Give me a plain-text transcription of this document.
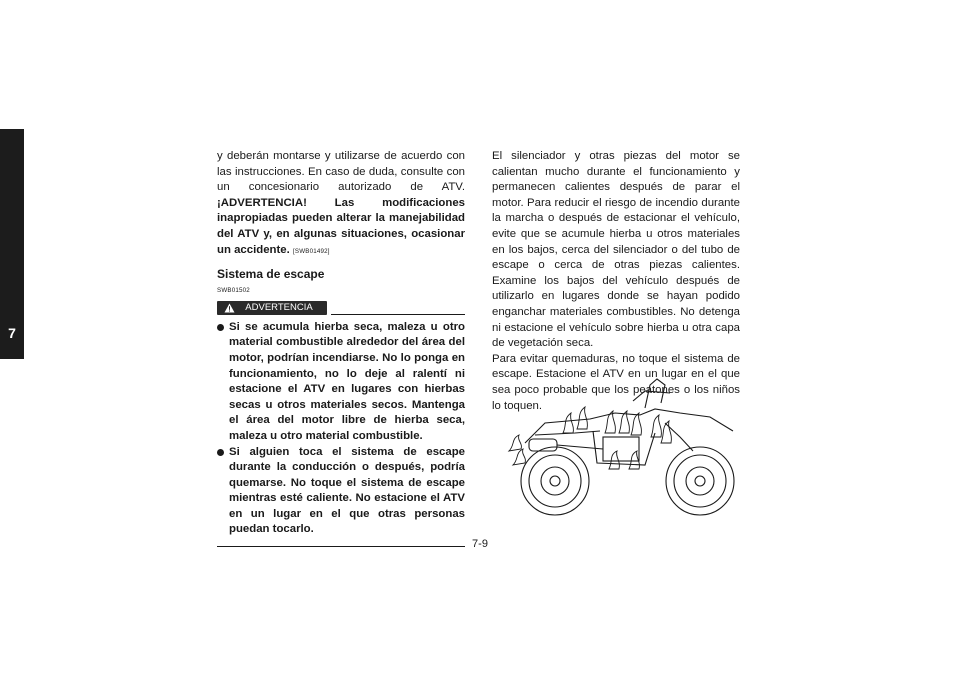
7
y deberán montarse y utilizarse de acuerdo con las instrucciones. En caso de duda, consulte con un concesionario autorizado de ATV. ¡ADVERTENCIA! Las modificaciones inapropiadas pueden alterar la manejabilidad del ATV y, en algunas situaciones, ocasionar un accidente. [SWB01492]
Sistema de escape
SWB01502
ADVERTENCIA
Si se acumula hierba seca, maleza u otro material combustible alrededor del área del motor, podrían incendiarse. No lo ponga en funcionamiento, no lo deje al ralentí ni estacione el ATV en lugares con hierbas secas u otros materiales secos. Mantenga el área del motor libre de hierba seca, maleza u otro material combustible.
Si alguien toca el sistema de escape durante la conducción o después, podría quemarse. No toque el sistema de escape mientras esté caliente. No estacione el ATV en un lugar en el que otras personas puedan tocarlo.
El silenciador y otras piezas del motor se calientan mucho durante el funcionamiento y permanecen calientes después de parar el motor. Para reducir el riesgo de incendio durante la marcha o después de estacionar el vehículo, evite que se acumule hierba u otros materiales en los bajos, cerca del silenciador o del tubo de escape o cerca de otras piezas calientes. Examine los bajos del vehículo después de utilizarlo en lugares donde se hayan podido enganchar materiales combustibles. No detenga ni estacione el vehículo sobre hierba u otra capa de vegetación seca.
Para evitar quemaduras, no toque el sistema de escape. Estacione el ATV en un lugar en el que sea poco probable que los peatones o los niños lo toquen.
7-9
